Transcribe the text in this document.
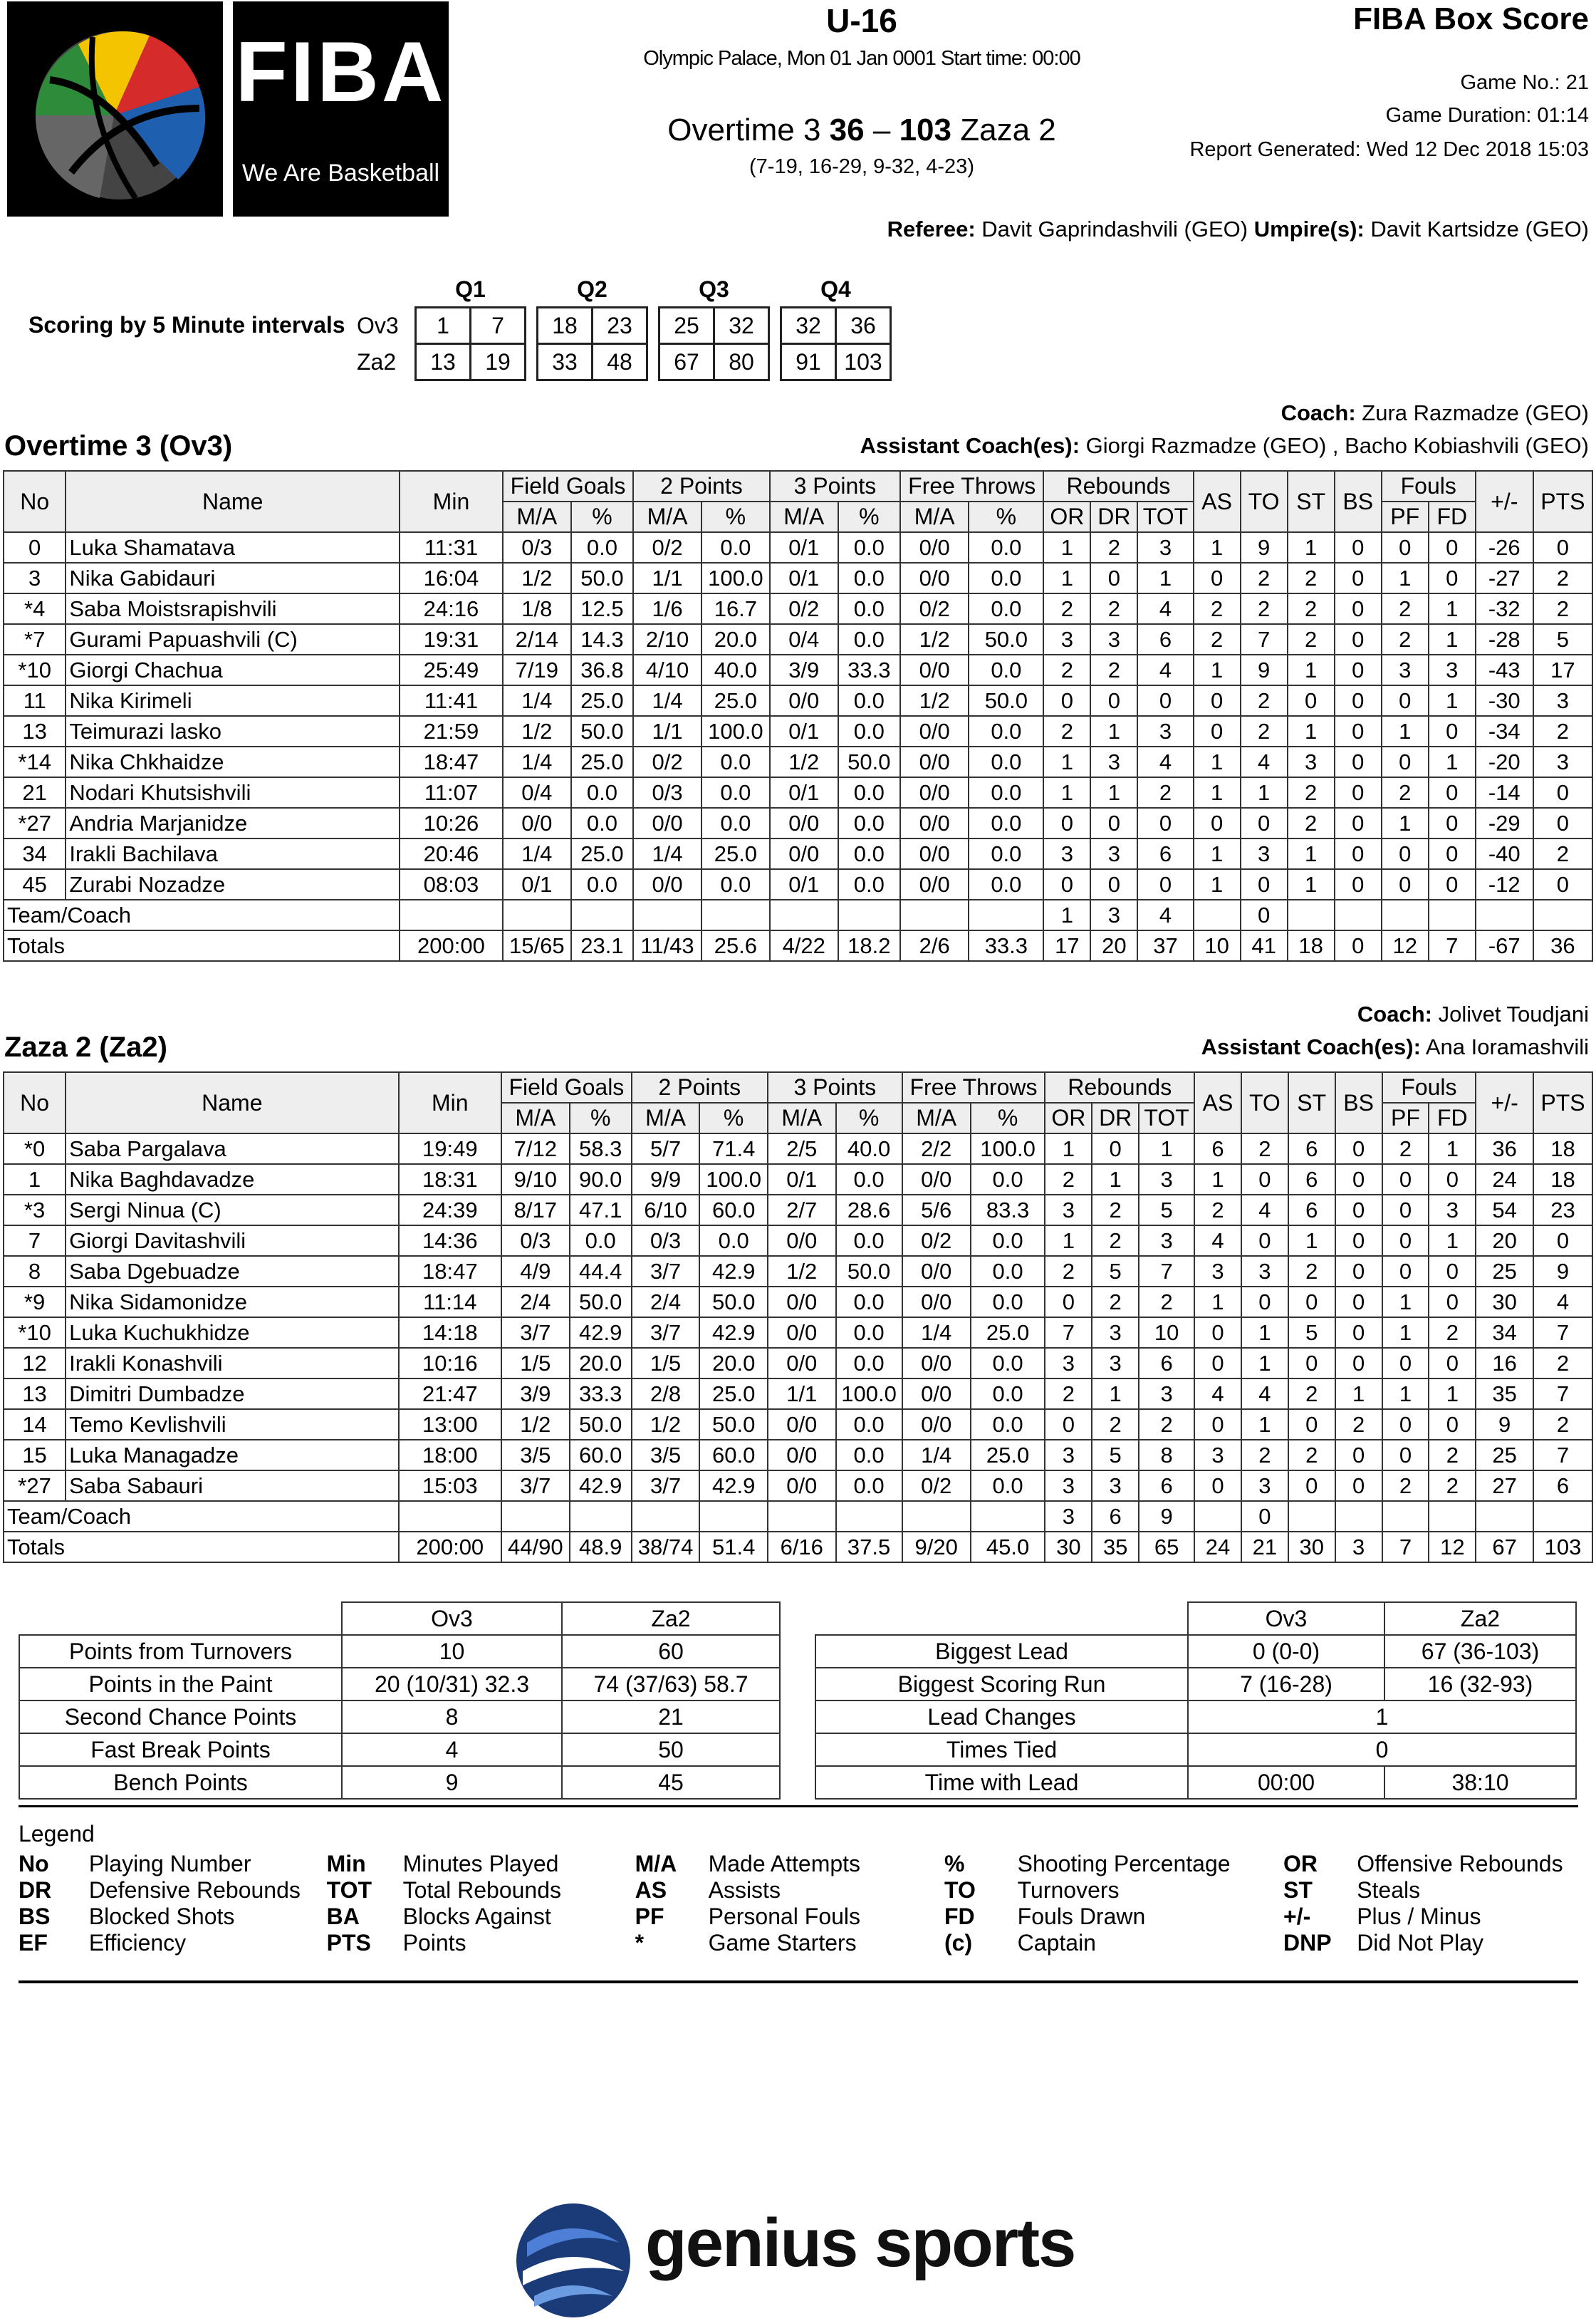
FIBA
We Are Basketball
U-16
Olympic Palace, Mon 01 Jan 0001 Start time: 00:00
Overtime 3 36 – 103 Zaza 2
(7-19, 16-29, 9-32, 4-23)
FIBA Box Score
Game No.: 21
Game Duration: 01:14
Report Generated: Wed 12 Dec 2018 15:03
Referee: Davit Gaprindashvili (GEO) Umpire(s): Davit Kartsidze (GEO)
Scoring by 5 Minute intervals
	Q1			Q2			Q3			Q4	
Ov3	1	7		18	23		25	32		32	36
Za2	13	19		33	48		67	80		91	103
Coach: Zura Razmadze (GEO)
Assistant Coach(es): Giorgi Razmadze (GEO) , Bacho Kobiashvili (GEO)
Overtime 3 (Ov3)
No	Name	Min	Field Goals		2 Points		3 Points		Free Throws		Rebounds			AS	TO	ST	BS	Fouls		+/-	PTS
			M/A	%	M/A	%	M/A	%	M/A	%	OR	DR	TOT					PF	FD		
0	Luka Shamatava	11:31	0/3	0.0	0/2	0.0	0/1	0.0	0/0	0.0	1	2	3	1	9	1	0	0	0	-26	0
3	Nika Gabidauri	16:04	1/2	50.0	1/1	100.0	0/1	0.0	0/0	0.0	1	0	1	0	2	2	0	1	0	-27	2
*4	Saba Moistsrapishvili	24:16	1/8	12.5	1/6	16.7	0/2	0.0	0/2	0.0	2	2	4	2	2	2	0	2	1	-32	2
*7	Gurami Papuashvili (C)	19:31	2/14	14.3	2/10	20.0	0/4	0.0	1/2	50.0	3	3	6	2	7	2	0	2	1	-28	5
*10	Giorgi Chachua	25:49	7/19	36.8	4/10	40.0	3/9	33.3	0/0	0.0	2	2	4	1	9	1	0	3	3	-43	17
11	Nika Kirimeli	11:41	1/4	25.0	1/4	25.0	0/0	0.0	1/2	50.0	0	0	0	0	2	0	0	0	1	-30	3
13	Teimurazi lasko	21:59	1/2	50.0	1/1	100.0	0/1	0.0	0/0	0.0	2	1	3	0	2	1	0	1	0	-34	2
*14	Nika Chkhaidze	18:47	1/4	25.0	0/2	0.0	1/2	50.0	0/0	0.0	1	3	4	1	4	3	0	0	1	-20	3
21	Nodari Khutsishvili	11:07	0/4	0.0	0/3	0.0	0/1	0.0	0/0	0.0	1	1	2	1	1	2	0	2	0	-14	0
*27	Andria Marjanidze	10:26	0/0	0.0	0/0	0.0	0/0	0.0	0/0	0.0	0	0	0	0	0	2	0	1	0	-29	0
34	Irakli Bachilava	20:46	1/4	25.0	1/4	25.0	0/0	0.0	0/0	0.0	3	3	6	1	3	1	0	0	0	-40	2
45	Zurabi Nozadze	08:03	0/1	0.0	0/0	0.0	0/1	0.0	0/0	0.0	0	0	0	1	0	1	0	0	0	-12	0
Team/Coach											1	3	4		0						
Totals		200:00	15/65	23.1	11/43	25.6	4/22	18.2	2/6	33.3	17	20	37	10	41	18	0	12	7	-67	36
Coach: Jolivet Toudjani
Assistant Coach(es): Ana Ioramashvili
Zaza 2 (Za2)
No	Name	Min	Field Goals		2 Points		3 Points		Free Throws		Rebounds			AS	TO	ST	BS	Fouls		+/-	PTS
			M/A	%	M/A	%	M/A	%	M/A	%	OR	DR	TOT					PF	FD		
*0	Saba Pargalava	19:49	7/12	58.3	5/7	71.4	2/5	40.0	2/2	100.0	1	0	1	6	2	6	0	2	1	36	18
1	Nika Baghdavadze	18:31	9/10	90.0	9/9	100.0	0/1	0.0	0/0	0.0	2	1	3	1	0	6	0	0	0	24	18
*3	Sergi Ninua (C)	24:39	8/17	47.1	6/10	60.0	2/7	28.6	5/6	83.3	3	2	5	2	4	6	0	0	3	54	23
7	Giorgi Davitashvili	14:36	0/3	0.0	0/3	0.0	0/0	0.0	0/2	0.0	1	2	3	4	0	1	0	0	1	20	0
8	Saba Dgebuadze	18:47	4/9	44.4	3/7	42.9	1/2	50.0	0/0	0.0	2	5	7	3	3	2	0	0	0	25	9
*9	Nika Sidamonidze	11:14	2/4	50.0	2/4	50.0	0/0	0.0	0/0	0.0	0	2	2	1	0	0	0	1	0	30	4
*10	Luka Kuchukhidze	14:18	3/7	42.9	3/7	42.9	0/0	0.0	1/4	25.0	7	3	10	0	1	5	0	1	2	34	7
12	Irakli Konashvili	10:16	1/5	20.0	1/5	20.0	0/0	0.0	0/0	0.0	3	3	6	0	1	0	0	0	0	16	2
13	Dimitri Dumbadze	21:47	3/9	33.3	2/8	25.0	1/1	100.0	0/0	0.0	2	1	3	4	4	2	1	1	1	35	7
14	Temo Kevlishvili	13:00	1/2	50.0	1/2	50.0	0/0	0.0	0/0	0.0	0	2	2	0	1	0	2	0	0	9	2
15	Luka Managadze	18:00	3/5	60.0	3/5	60.0	0/0	0.0	1/4	25.0	3	5	8	3	2	2	0	0	2	25	7
*27	Saba Sabauri	15:03	3/7	42.9	3/7	42.9	0/0	0.0	0/2	0.0	3	3	6	0	3	0	0	2	2	27	6
Team/Coach											3	6	9		0						
Totals		200:00	44/90	48.9	38/74	51.4	6/16	37.5	9/20	45.0	30	35	65	24	21	30	3	7	12	67	103
	Ov3	Za2
Points from Turnovers	10	60
Points in the Paint	20 (10/31) 32.3	74 (37/63) 58.7
Second Chance Points	8	21
Fast Break Points	4	50
Bench Points	9	45
	Ov3	Za2
Biggest Lead	0 (0-0)	67 (36-103)
Biggest Scoring Run	7 (16-28)	16 (32-93)
Lead Changes	1	
Times Tied	0	
Time with Lead	00:00	38:10
Legend
No	Playing Number	Min	Minutes Played	M/A	Made Attempts	%	Shooting Percentage	OR	Offensive Rebounds
DR	Defensive Rebounds	TOT	Total Rebounds	AS	Assists	TO	Turnovers	ST	Steals
BS	Blocked Shots	BA	Blocks Against	PF	Personal Fouls	FD	Fouls Drawn	+/-	Plus / Minus
EF	Efficiency	PTS	Points	*	Game Starters	(c)	Captain	DNP	Did Not Play
genius sports
